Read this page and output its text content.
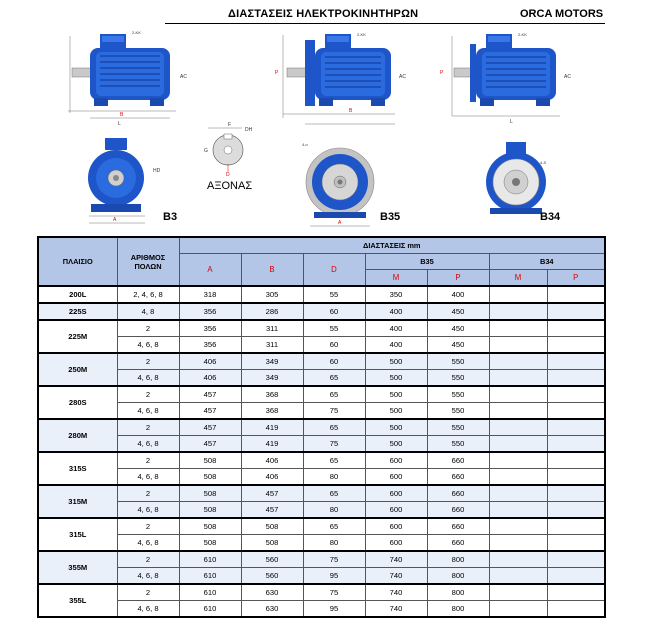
ΔΙΑΣΤΑΣΕΙΣ ΗΛΕΚΤΡΟΚΙΝΗΤΗΡΩΝ	ORCA MOTORS
2-KK
AC
B
L
2-KK
AC
P
B
2-KK
AC
P
L
A
HD
B3
F
DH
G
D
ΑΞΟΝΑΣ
A
4-n
B35
4-S
B34
ΠΛΑΙΣΙΟ	ΑΡΙΘΜΟΣ ΠΟΛΩΝ	ΔΙΑΣΤΑΣΕΙΣ mm						
		A	B	D	B35		B34	
					M	P	M	P
200L	2, 4, 6, 8	318	305	55	350	400		
225S	4, 8	356	286	60	400	450		
225M	2	356	311	55	400	450		
	4, 6, 8	356	311	60	400	450		
250M	2	406	349	60	500	550		
	4, 6, 8	406	349	65	500	550		
280S	2	457	368	65	500	550		
	4, 6, 8	457	368	75	500	550		
280M	2	457	419	65	500	550		
	4, 6, 8	457	419	75	500	550		
315S	2	508	406	65	600	660		
	4, 6, 8	508	406	80	600	660		
315M	2	508	457	65	600	660		
	4, 6, 8	508	457	80	600	660		
315L	2	508	508	65	600	660		
	4, 6, 8	508	508	80	600	660		
355M	2	610	560	75	740	800		
	4, 6, 8	610	560	95	740	800		
355L	2	610	630	75	740	800		
	4, 6, 8	610	630	95	740	800		
